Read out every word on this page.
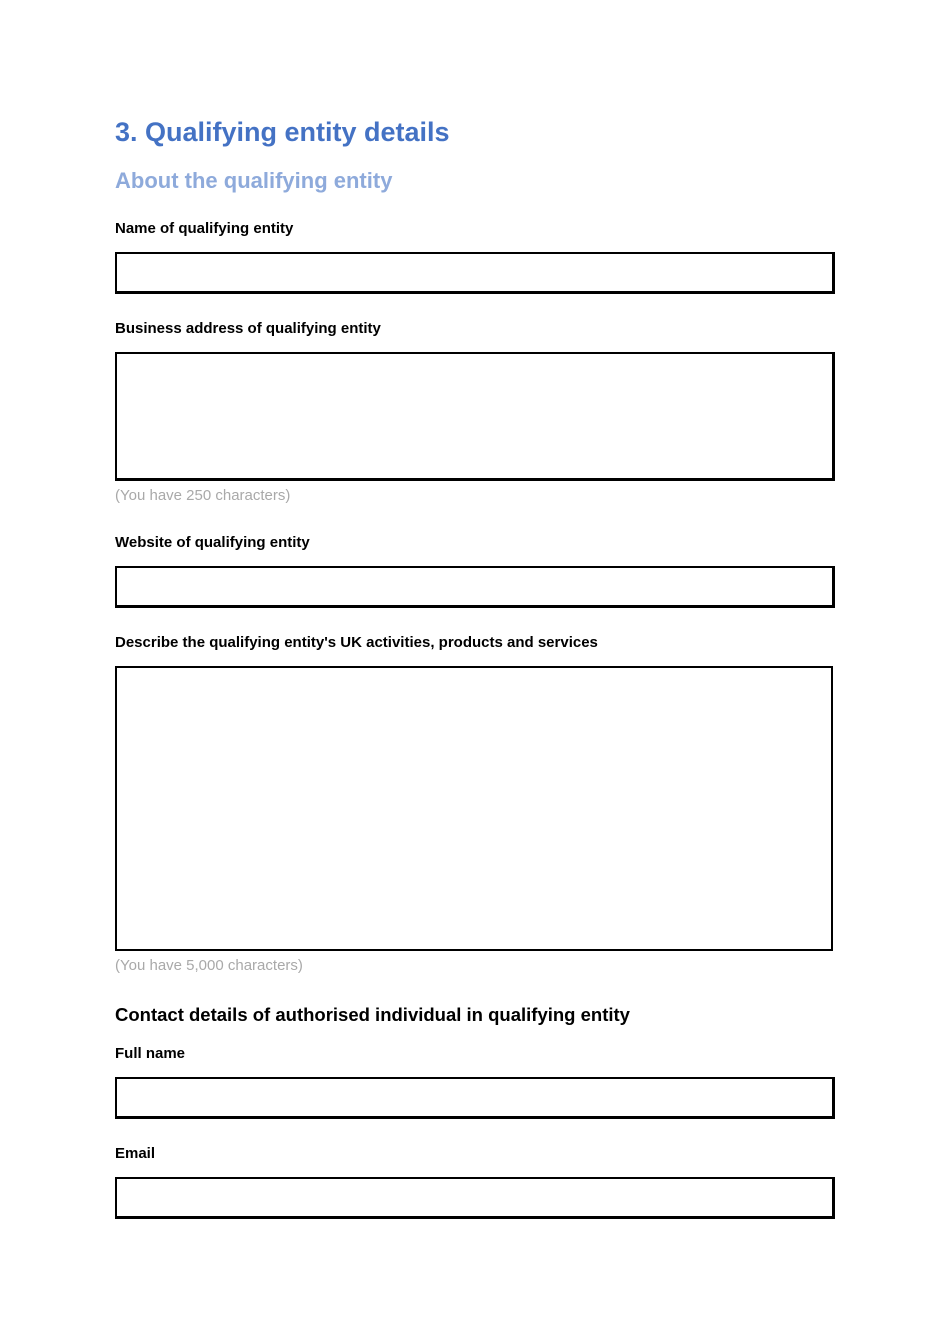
3. Qualifying entity details
About the qualifying entity
Name of qualifying entity
Business address of qualifying entity
(You have 250 characters)
Website of qualifying entity
Describe the qualifying entity's UK activities, products and services
(You have 5,000 characters)
Contact details of authorised individual in qualifying entity
Full name
Email
